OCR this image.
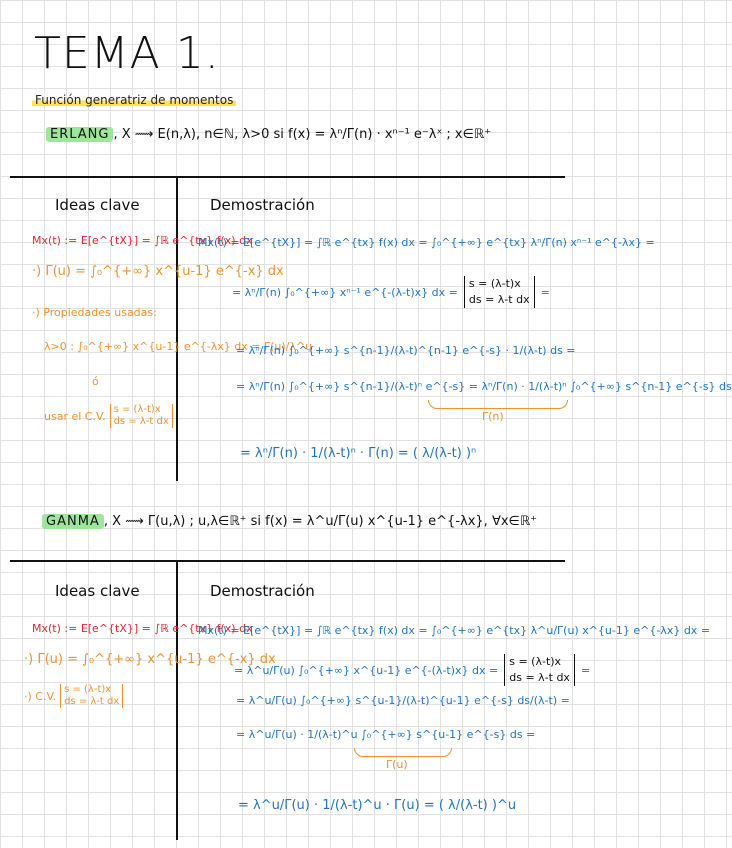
TEMA 1.
Función generatriz de momentos
ERLANG , X ⟿ E(n,λ), n∈ℕ, λ>0 si f(x) = λⁿ/Γ(n) · xⁿ⁻¹ e⁻λˣ ; x∈ℝ⁺
Ideas clave	Demostración
Mx(t) := E[e^{tX}] = ∫ℝ e^{tx} f(x) dx
·) Γ(u) = ∫₀^{+∞} x^{u-1} e^{-x} dx
·) Propiedades usadas:
λ>0 : ∫₀^{+∞} x^{u-1} e^{-λx} dx = Γ(u)/λ^u
ó
usar el C.V. s = (λ-t)x
ds = λ-t dx
Mx(t) = E[e^{tX}] = ∫ℝ e^{tx} f(x) dx = ∫₀^{+∞} e^{tx} λⁿ/Γ(n) xⁿ⁻¹ e^{-λx} =
= λⁿ/Γ(n) ∫₀^{+∞} xⁿ⁻¹ e^{-(λ-t)x} dx =
s = (λ-t)x
ds = λ-t dx
=
= λⁿ/Γ(n) ∫₀^{+∞} s^{n-1}/(λ-t)^{n-1} e^{-s} · 1/(λ-t) ds =
= λⁿ/Γ(n) ∫₀^{+∞} s^{n-1}/(λ-t)ⁿ e^{-s} = λⁿ/Γ(n) · 1/(λ-t)ⁿ ∫₀^{+∞} s^{n-1} e^{-s} ds
Γ(n)
= λⁿ/Γ(n) · 1/(λ-t)ⁿ · Γ(n) = ( λ/(λ-t) )ⁿ
GANMA , X ⟿ Γ(u,λ) ; u,λ∈ℝ⁺ si f(x) = λ^u/Γ(u) x^{u-1} e^{-λx}, ∀x∈ℝ⁺
Ideas clave	Demostración
Mx(t) := E[e^{tX}] = ∫ℝ e^{tx} f(x) dx
·) Γ(u) = ∫₀^{+∞} x^{u-1} e^{-x} dx
·) C.V. s = (λ-t)x
ds = λ-t dx
Mx(t) = E[e^{tX}] = ∫ℝ e^{tx} f(x) dx = ∫₀^{+∞} e^{tx} λ^u/Γ(u) x^{u-1} e^{-λx} dx =
= λ^u/Γ(u) ∫₀^{+∞} x^{u-1} e^{-(λ-t)x} dx =
s = (λ-t)x
ds = λ-t dx
=
= λ^u/Γ(u) ∫₀^{+∞} s^{u-1}/(λ-t)^{u-1} e^{-s} ds/(λ-t) =
= λ^u/Γ(u) · 1/(λ-t)^u ∫₀^{+∞} s^{u-1} e^{-s} ds =
Γ(u)
= λ^u/Γ(u) · 1/(λ-t)^u · Γ(u) = ( λ/(λ-t) )^u
